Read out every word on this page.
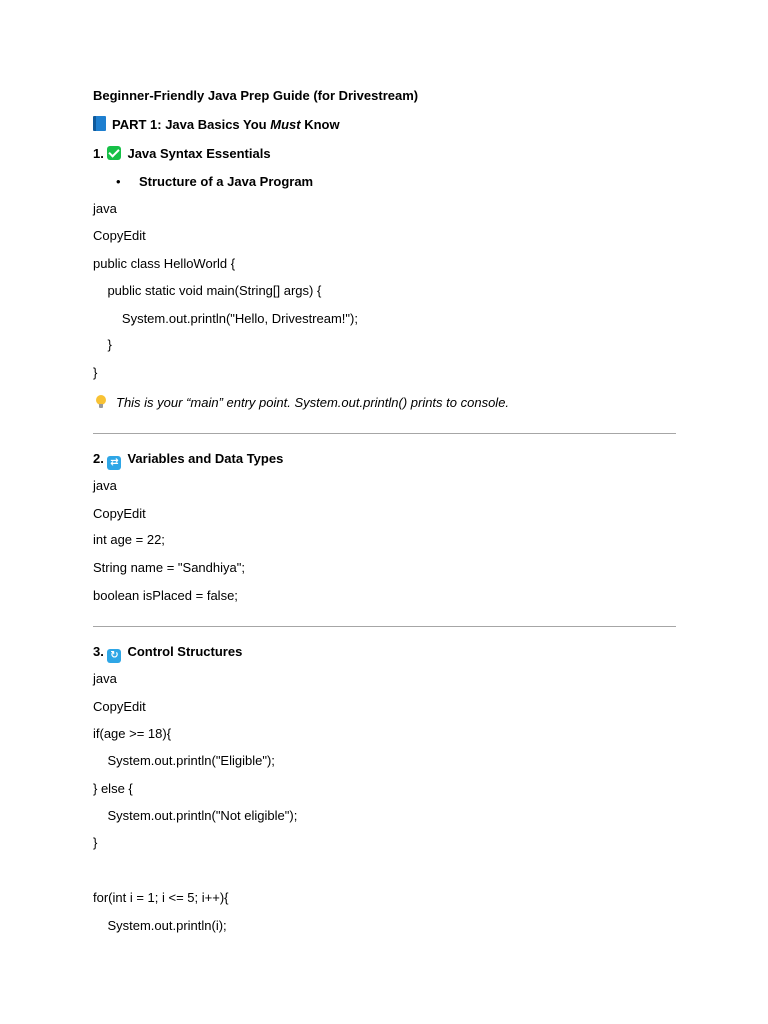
Beginner-Friendly Java Prep Guide (for Drivestream)
PART 1: Java Basics You Must Know
1. Java Syntax Essentials
• Structure of a Java Program
java
CopyEdit
public class HelloWorld {
public static void main(String[] args) {
System.out.println("Hello, Drivestream!");
}
}
This is your “main” entry point. System.out.println() prints to console.
2. ⇄ Variables and Data Types
java
CopyEdit
int age = 22;
String name = "Sandhiya";
boolean isPlaced = false;
3. ↻ Control Structures
java
CopyEdit
if(age >= 18){
System.out.println("Eligible");
} else {
System.out.println("Not eligible");
}
for(int i = 1; i <= 5; i++){
System.out.println(i);
